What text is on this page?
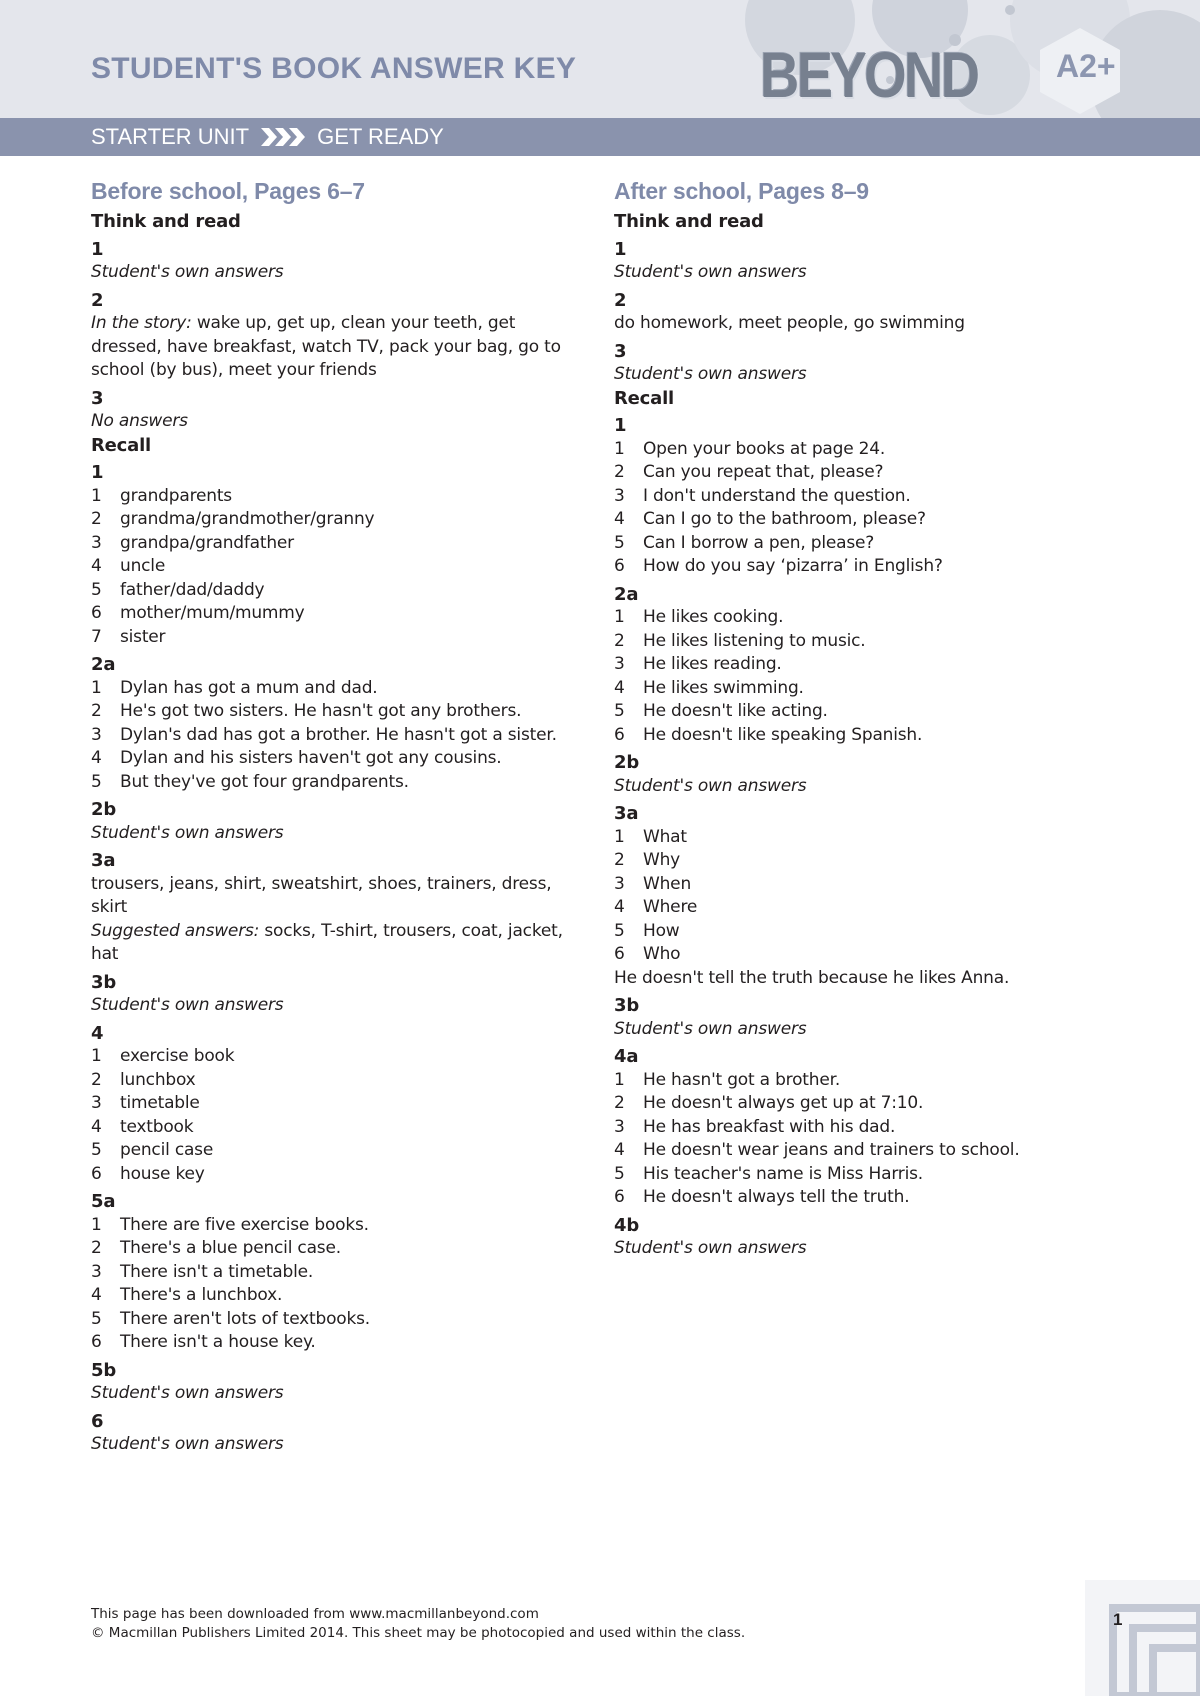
STUDENT'S BOOK ANSWER KEY	BEYOND A2+
STARTER UNIT	GET READY
Before school, Pages 6–7
Think and read
1
Student's own answers
2
In the story: wake up, get up, clean your teeth, get dressed, have breakfast, watch TV, pack your bag, go to school (by bus), meet your friends
3
No answers
Recall
1
1	grandparents
2	grandma/grandmother/granny
3	grandpa/grandfather
4	uncle
5	father/dad/daddy
6	mother/mum/mummy
7	sister
2a
1	Dylan has got a mum and dad.
2	He's got two sisters. He hasn't got any brothers.
3	Dylan's dad has got a brother. He hasn't got a sister.
4	Dylan and his sisters haven't got any cousins.
5	But they've got four grandparents.
2b
Student's own answers
3a
trousers, jeans, shirt, sweatshirt, shoes, trainers, dress, skirt
Suggested answers: socks, T-shirt, trousers, coat, jacket, hat
3b
Student's own answers
4
1	exercise book
2	lunchbox
3	timetable
4	textbook
5	pencil case
6	house key
5a
1	There are five exercise books.
2	There's a blue pencil case.
3	There isn't a timetable.
4	There's a lunchbox.
5	There aren't lots of textbooks.
6	There isn't a house key.
5b
Student's own answers
6
Student's own answers
After school, Pages 8–9
Think and read
1
Student's own answers
2
do homework, meet people, go swimming
3
Student's own answers
Recall
1
1	Open your books at page 24.
2	Can you repeat that, please?
3	I don't understand the question.
4	Can I go to the bathroom, please?
5	Can I borrow a pen, please?
6	How do you say ‘pizarra’ in English?
2a
1	He likes cooking.
2	He likes listening to music.
3	He likes reading.
4	He likes swimming.
5	He doesn't like acting.
6	He doesn't like speaking Spanish.
2b
Student's own answers
3a
1	What
2	Why
3	When
4	Where
5	How
6	Who
He doesn't tell the truth because he likes Anna.
3b
Student's own answers
4a
1	He hasn't got a brother.
2	He doesn't always get up at 7:10.
3	He has breakfast with his dad.
4	He doesn't wear jeans and trainers to school.
5	His teacher's name is Miss Harris.
6	He doesn't always tell the truth.
4b
Student's own answers
This page has been downloaded from www.macmillanbeyond.com
© Macmillan Publishers Limited 2014. This sheet may be photocopied and used within the class.
1
